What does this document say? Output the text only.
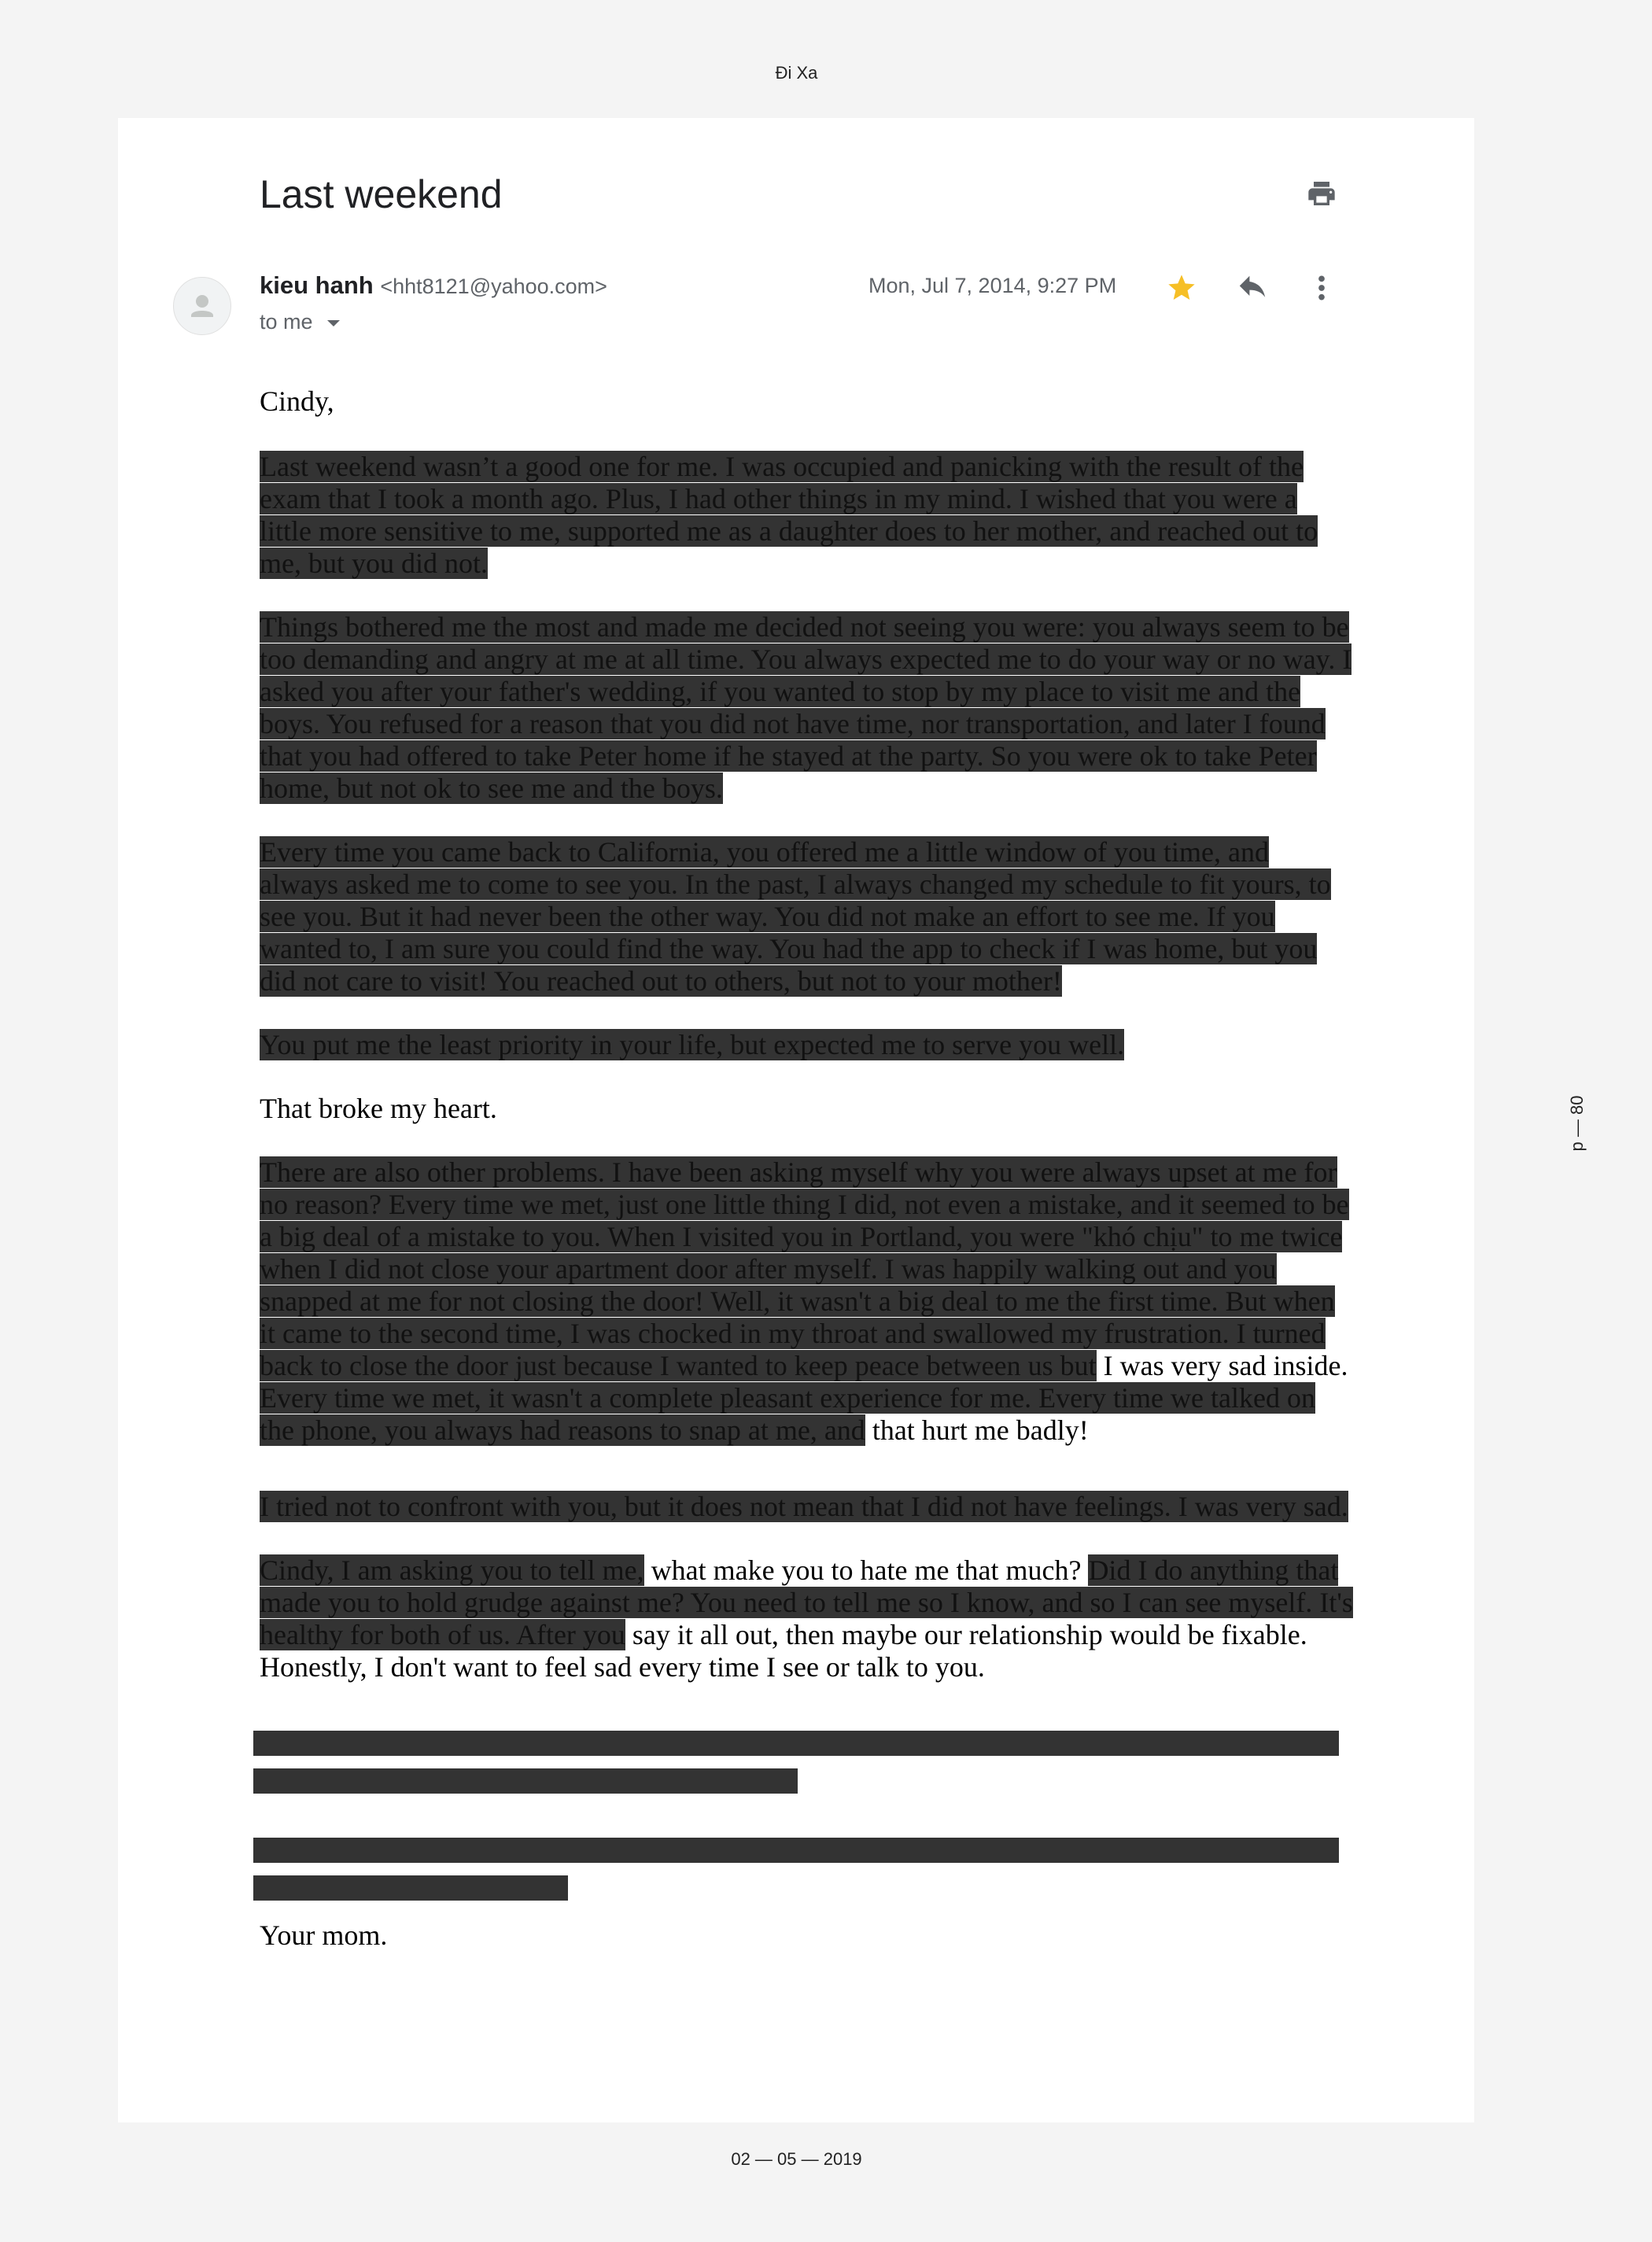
Đi Xa
Last weekend
kieu hanh <hht8121@yahoo.com>
to me
Mon, Jul 7, 2014, 9:27 PM

Cindy,

Last weekend wasn’t a good one for me. I was occupied and panicking with the result of the exam that I took a month ago. Plus, I had other things in my mind. I wished that you were a little more sensitive to me, supported me as a daughter does to her mother, and reached out to me, but you did not.

Things bothered me the most and made me decided not seeing you were: you always seem to be too demanding and angry at me at all time. You always expected me to do your way or no way. I asked you after your father's wedding, if you wanted to stop by my place to visit me and the boys. You refused for a reason that you did not have time, nor transportation, and later I found that you had offered to take Peter home if he stayed at the party. So you were ok to take Peter home, but not ok to see me and the boys.

Every time you came back to California, you offered me a little window of you time, and always asked me to come to see you. In the past, I always changed my schedule to fit yours, to see you. But it had never been the other way. You did not make an effort to see me. If you wanted to, I am sure you could find the way. You had the app to check if I was home, but you did not care to visit! You reached out to others, but not to your mother!

You put me the least priority in your life, but expected me to serve you well.

That broke my heart.

There are also other problems. I have been asking myself why you were always upset at me for no reason? Every time we met, just one little thing I did, not even a mistake, and it seemed to be a big deal of a mistake to you. When I visited you in Portland, you were "khó chịu" to me twice when I did not close your apartment door after myself. I was happily walking out and you snapped at me for not closing the door! Well, it wasn't a big deal to me the first time. But when it came to the second time, I was chocked in my throat and swallowed my frustration. I turned back to close the door just because I wanted to keep peace between us but I was very sad inside. Every time we met, it wasn't a complete pleasant experience for me. Every time we talked on the phone, you always had reasons to snap at me, and that hurt me badly!

I tried not to confront with you, but it does not mean that I did not have feelings. I was very sad.

Cindy, I am asking you to tell me, what make you to hate me that much? Did I do anything that made you to hold grudge against me? You need to tell me so I know, and so I can see myself. It's healthy for both of us. After you say it all out, then maybe our relationship would be fixable. Honestly, I don't want to feel sad every time I see or talk to you.

Your mom.

p — 80
02 — 05 — 2019
